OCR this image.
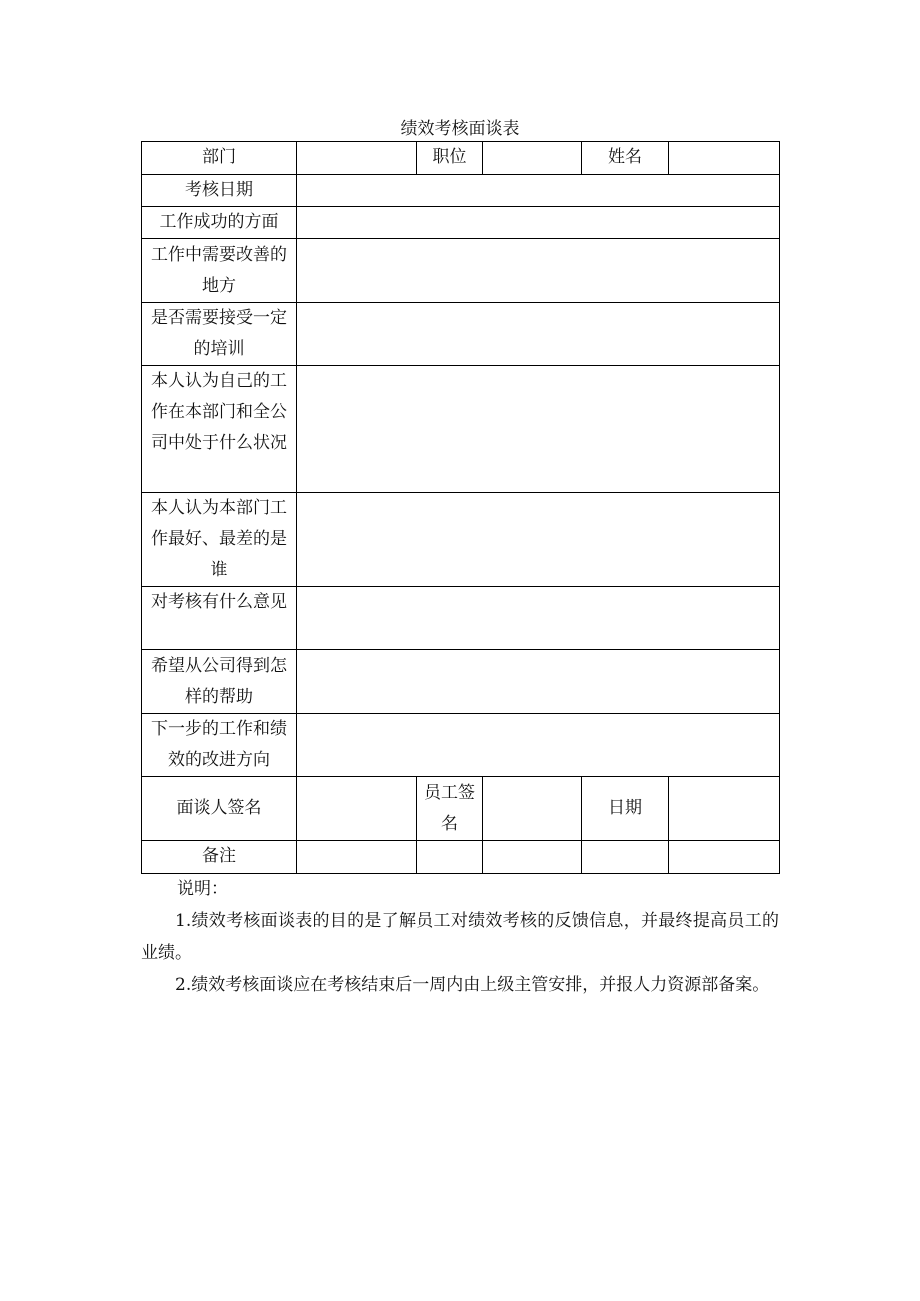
绩效考核面谈表
部门		职位		姓名	
考核日期					
工作成功的方面					
工作中需要改善的地方					
是否需要接受一定的培训					
本人认为自己的工作在本部门和全公司中处于什么状况					
本人认为本部门工作最好、最差的是谁					
对考核有什么意见					
希望从公司得到怎样的帮助					
下一步的工作和绩效的改进方向					
面谈人签名		员工签名		日期	
备注					

说明：

1.绩效考核面谈表的目的是了解员工对绩效考核的反馈信息，并最终提高员工的业绩。

2.绩效考核面谈应在考核结束后一周内由上级主管安排，并报人力资源部备案。
